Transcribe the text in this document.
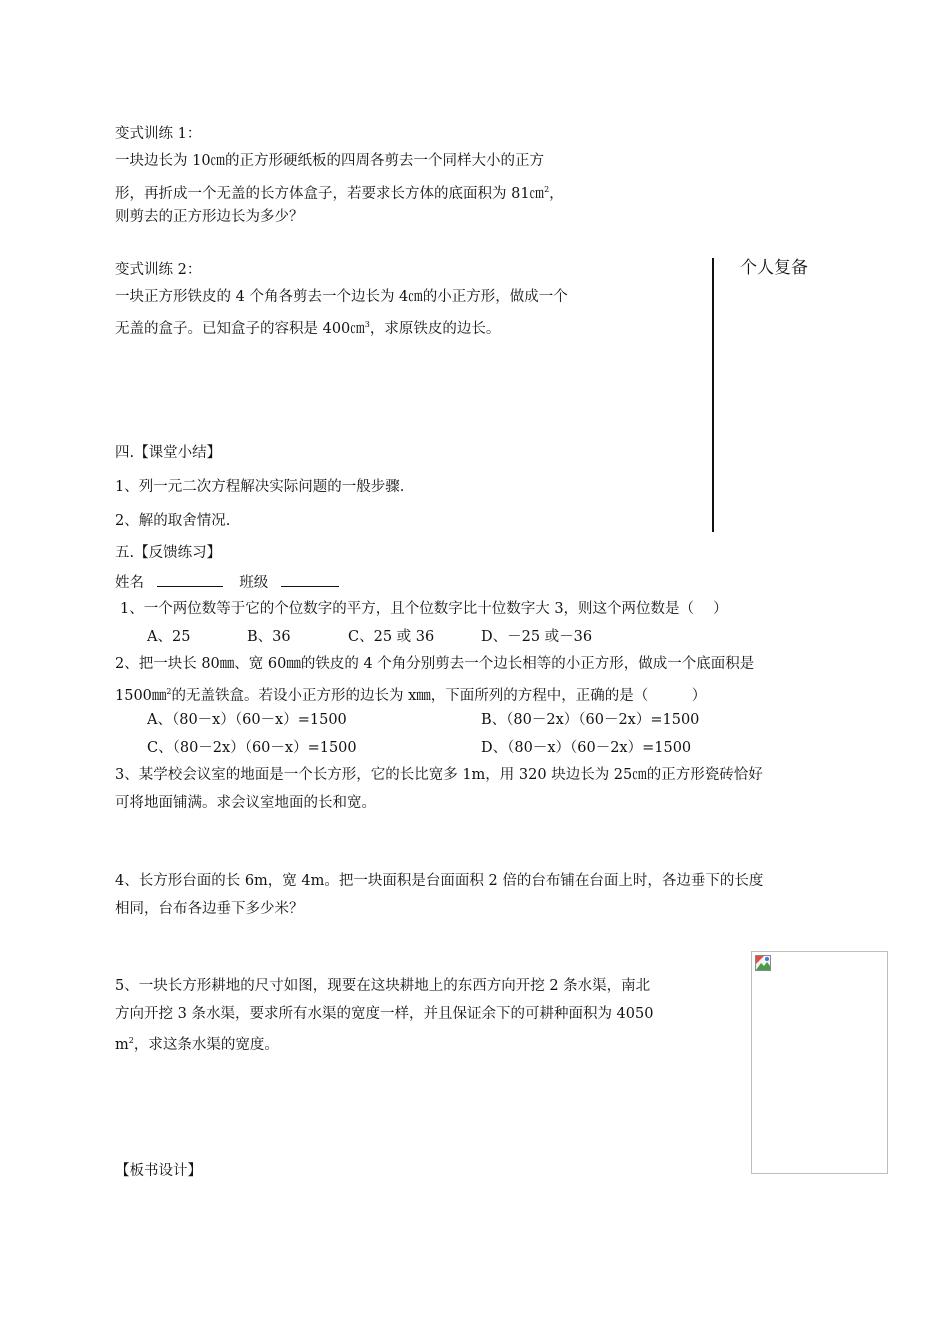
变式训练 1：
一块边长为 10㎝的正方形硬纸板的四周各剪去一个同样大小的正方
形，再折成一个无盖的长方体盒子，若要求长方体的底面积为 81㎝$^2$，
则剪去的正方形边长为多少？
变式训练 2：
一块正方形铁皮的 4 个角各剪去一个边长为 4㎝的小正方形，做成一个
无盖的盒子。已知盒子的容积是 400㎝$^3$，求原铁皮的边长。
个人复备
四.【课堂小结】
1、列一元二次方程解决实际问题的一般步骤.
2、解的取舍情况.
五.【反馈练习】
姓名	班级
1、一个两位数等于它的个位数字的平方，且个位数字比十位数字大 3，则这个两位数是（　 ）
A、25	B、36	C、25 或 36	D、－25 或－36
2、把一块长 80㎜、宽 60㎜的铁皮的 4 个角分别剪去一个边长相等的小正方形，做成一个底面积是
1500㎜$^2$的无盖铁盒。若设小正方形的边长为 x㎜，下面所列的方程中，正确的是（　　　）
A、（80－x）（60－x）=1500	B、（80－2x）（60－2x）=1500
C、（80－2x）（60－x）=1500	D、（80－x）（60－2x）=1500
3、某学校会议室的地面是一个长方形，它的长比宽多 1m，用 320 块边长为 25㎝的正方形瓷砖恰好
可将地面铺满。求会议室地面的长和宽。
4、长方形台面的长 6m，宽 4m。把一块面积是台面面积 2 倍的台布铺在台面上时，各边垂下的长度
相同，台布各边垂下多少米？
5、一块长方形耕地的尺寸如图，现要在这块耕地上的东西方向开挖 2 条水渠，南北
方向开挖 3 条水渠，要求所有水渠的宽度一样，并且保证余下的可耕种面积为 4050
$m^2$，求这条水渠的宽度。
【板书设计】
